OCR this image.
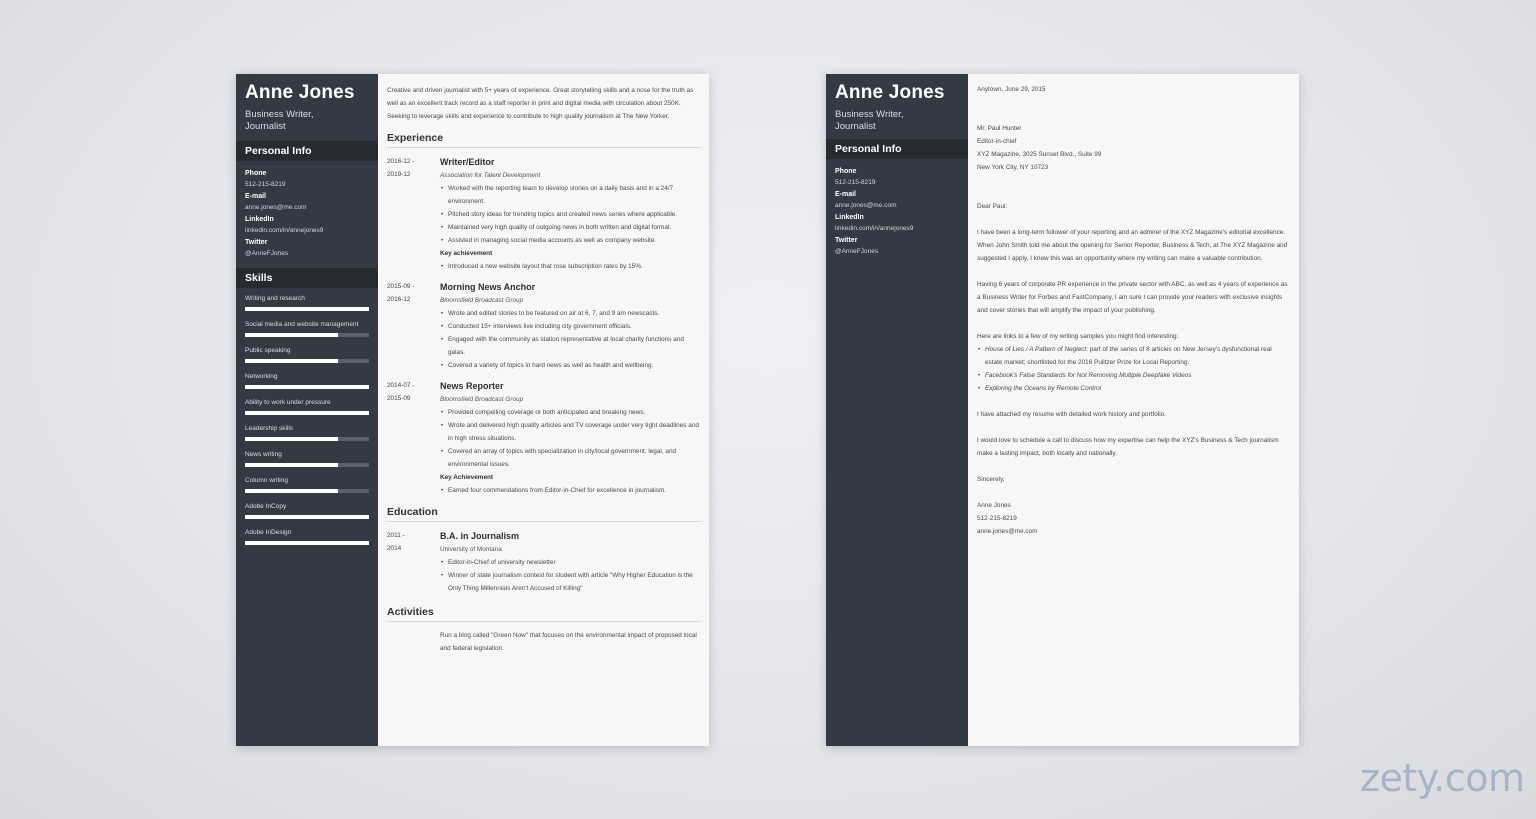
Anne Jones
Business Writer,
Journalist
Personal Info
Phone
512-215-8219
E-mail
anne.jones@me.com
LinkedIn
linkedin.com/in/annejones9
Twitter
@AnneFJones
Skills
Writing and research
Social media and website management
Public speaking
Networking
Ability to work under pressure
Leadership skills
News writing
Column writing
Adobe InCopy
Adobe InDesign
Creative and driven journalist with 5+ years of experience. Great storytelling skills and a nose for the truth as well as an excellent track record as a staff reporter in print and digital media with circulation about 250K. Seeking to leverage skills and experience to contribute to high quality journalism at The New Yorker.
Experience
2016-12 -
2019-12
Writer/Editor
Association for Talent Development
• Worked with the reporting team to develop stories on a daily basis and in a 24/7 environment.
• Pitched story ideas for trending topics and created news series where applicable.
• Maintained very high quality of outgoing news in both written and digital format.
• Assisted in managing social media accounts as well as company website.
Key achievement
• Introduced a new website layout that rose subscription rates by 15%.
2015-09 -
2016-12
Morning News Anchor
Bloomsfield Broadcast Group
• Wrote and edited stories to be featured on air at 6, 7, and 9 am newscasts.
• Conducted 15+ interviews live including city government officials.
• Engaged with the community as station representative at local charity functions and galas.
• Covered a variety of topics in hard news as well as health and wellbeing.
2014-07 -
2015-09
News Reporter
Bloomsfield Broadcast Group
• Provided compelling coverage or both anticipated and breaking news.
• Wrote and delivered high quality articles and TV coverage under very tight deadlines and in high stress situations.
• Covered an array of topics with specialization in city/local government, legal, and environmental issues.
Key Achievement
• Earned four commendations from Editor-in-Chief for excellence in journalism.
Education
2011 -
2014
B.A. in Journalism
University of Montana
• Editor-in-Chief of university newsletter
• Winner of state journalism contest for student with article "Why Higher Education is the Only Thing Millennials Aren't Accused of Killing"
Activities
Run a blog called "Green Now" that focuses on the environmental impact of proposed local and federal legislation.
Anne Jones
Business Writer,
Journalist
Personal Info
Phone
512-215-8219
E-mail
anne.jones@me.com
LinkedIn
linkedin.com/in/annejones9
Twitter
@AnneFJones

Anytown, June 29, 2015

Mr. Paul Hunter
Editor-in-chief
XYZ Magazine, 3025 Sunset Blvd., Suite 99
New York City, NY 10723

Dear Paul:

I have been a long-term follower of your reporting and an admirer of the XYZ Magazine's editorial excellence. When John Smith told me about the opening for Senior Reporter, Business & Tech, at The XYZ Magazine and suggested I apply, I knew this was an opportunity where my writing can make a valuable contribution.

Having 6 years of corporate PR experience in the private sector with ABC, as well as 4 years of experience as a Business Writer for Forbes and FastCompany, I am sure I can provide your readers with exclusive insights and cover stories that will amplify the impact of your publishing.

Here are links to a few of my writing samples you might find interesting:

• House of Lies / A Pattern of Neglect: part of the series of 8 articles on New Jersey's dysfunctional real estate market; shortlisted for the 2016 Pulitzer Prize for Local Reporting.
• Facebook's False Standards for Not Removing Multiple Deepfake Videos
• Exploring the Oceans by Remote Control

I have attached my resume with detailed work history and portfolio.

I would love to schedule a call to discuss how my expertise can help the XYZ's Business & Tech journalism make a lasting impact, both locally and nationally.

Sincerely,

Anne Jones
512-215-8219
anne.jones@me.com

zety.com
